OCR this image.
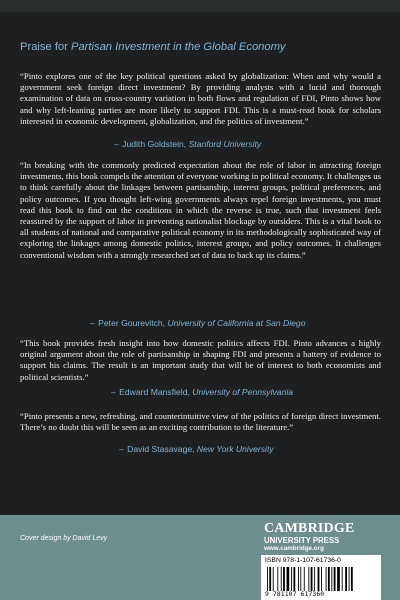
Praise for Partisan Investment in the Global Economy
“Pinto explores one of the key political questions asked by globalization: When and why would a government seek foreign direct investment? By providing analysts with a lucid and thorough examination of data on cross-country variation in both flows and regulation of FDI, Pinto shows how and why left-leaning parties are more likely to support FDI. This is a must-read book for scholars interested in economic development, globalization, and the politics of investment.”
– Judith Goldstein, Stanford University
“In breaking with the commonly predicted expectation about the role of labor in attracting foreign investments, this book compels the attention of everyone working in political economy. It challenges us to think carefully about the linkages between partisanship, interest groups, political preferences, and policy outcomes. If you thought left-wing governments always repel foreign investments, you must read this book to find out the conditions in which the reverse is true, such that investment feels reassured by the support of labor in preventing nationalist blockage by outsiders. This is a vital book to all students of national and comparative political economy in its methodologically sophisticated way of exploring the linkages among domestic politics, interest groups, and policy outcomes. It challenges conventional wisdom with a strongly researched set of data to back up its claims.”
– Peter Gourevitch, University of California at San Diego
“This book provides fresh insight into how domestic politics affects FDI. Pinto advances a highly original argument about the role of partisanship in shaping FDI and presents a battery of evidence to support his claims. The result is an important study that will be of interest to both economists and political scientists.”
– Edward Mansfield, University of Pennsylvania
“Pinto presents a new, refreshing, and counterintuitive view of the politics of foreign direct investment. There’s no doubt this will be seen as an exciting contribution to the literature.”
– David Stasavage, New York University
Cover design by David Levy
CAMBRIDGE
UNIVERSITY PRESS
www.cambridge.org
ISBN 978-1-107-61736-0
9 781107 617360
